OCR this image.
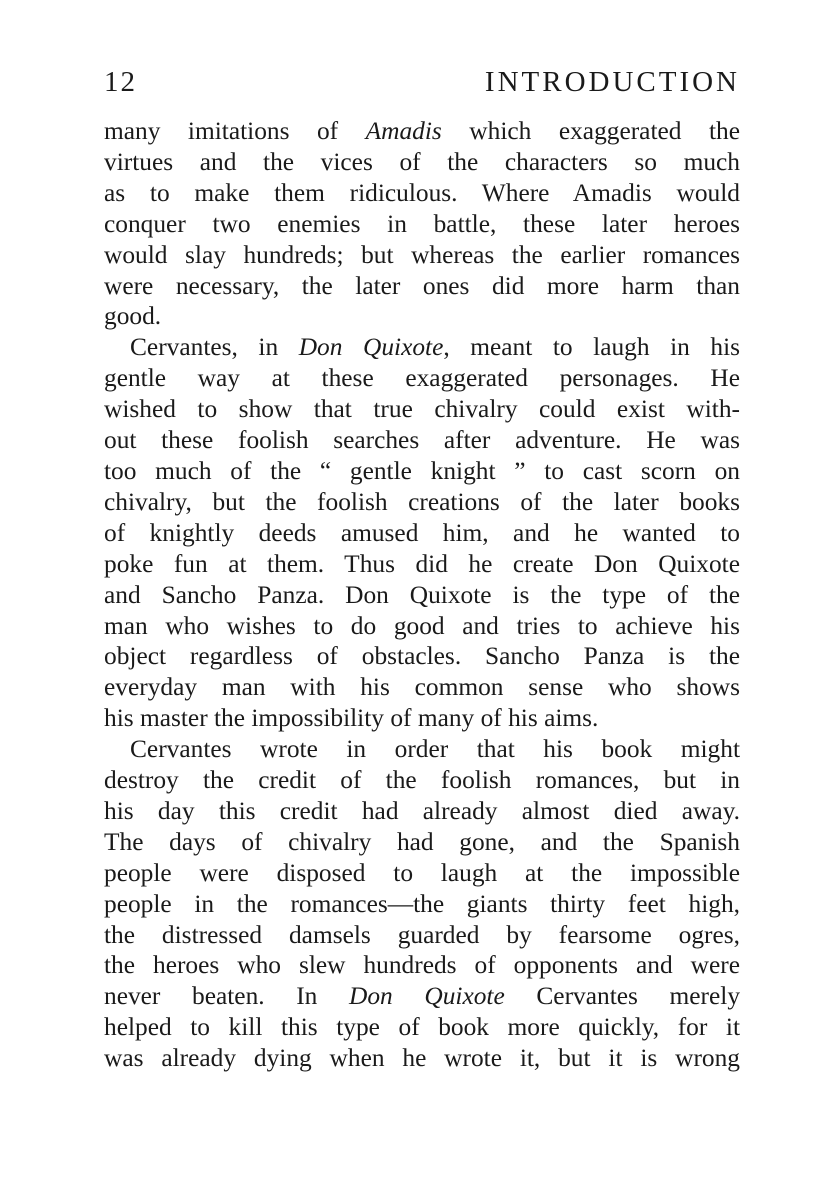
12	INTRODUCTION

many imitations of Amadis which exaggerated the
virtues and the vices of the characters so much
as to make them ridiculous. Where Amadis would
conquer two enemies in battle, these later heroes
would slay hundreds; but whereas the earlier romances
were necessary, the later ones did more harm than
good.

Cervantes, in Don Quixote, meant to laugh in his
gentle way at these exaggerated personages. He
wished to show that true chivalry could exist with-
out these foolish searches after adventure. He was
too much of the “ gentle knight ” to cast scorn on
chivalry, but the foolish creations of the later books
of knightly deeds amused him, and he wanted to
poke fun at them. Thus did he create Don Quixote
and Sancho Panza. Don Quixote is the type of the
man who wishes to do good and tries to achieve his
object regardless of obstacles. Sancho Panza is the
everyday man with his common sense who shows
his master the impossibility of many of his aims.

Cervantes wrote in order that his book might
destroy the credit of the foolish romances, but in
his day this credit had already almost died away.
The days of chivalry had gone, and the Spanish
people were disposed to laugh at the impossible
people in the romances—the giants thirty feet high,
the distressed damsels guarded by fearsome ogres,
the heroes who slew hundreds of opponents and were
never beaten. In Don Quixote Cervantes merely
helped to kill this type of book more quickly, for it
was already dying when he wrote it, but it is wrong
